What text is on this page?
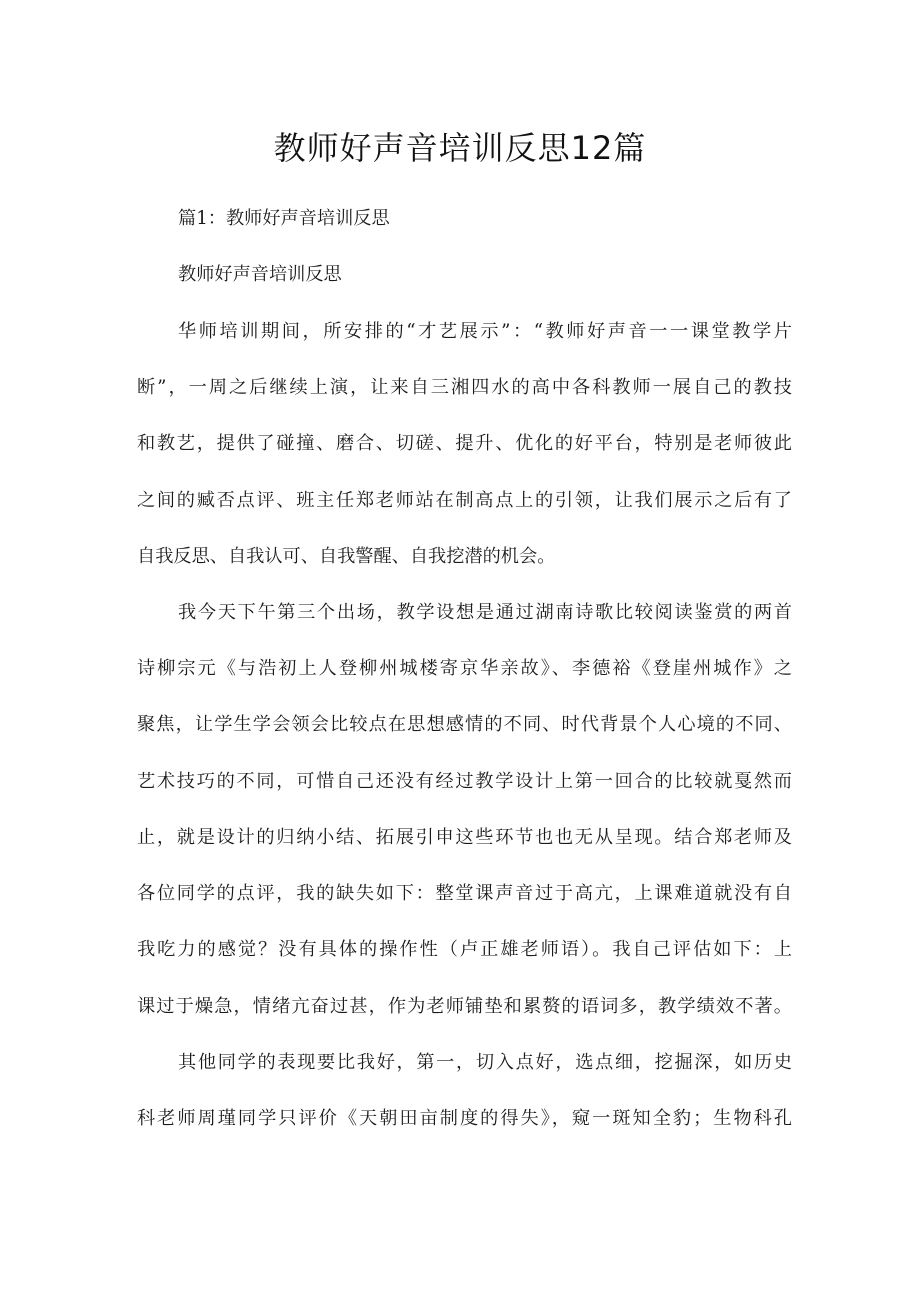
教师好声音培训反思12篇
篇1：教师好声音培训反思
教师好声音培训反思
华师培训期间，所安排的“才艺展示”：“教师好声音一一课堂教学片
断”，一周之后继续上演，让来自三湘四水的高中各科教师一展自己的教技
和教艺，提供了碰撞、磨合、切磋、提升、优化的好平台，特别是老师彼此
之间的臧否点评、班主任郑老师站在制高点上的引领，让我们展示之后有了
自我反思、自我认可、自我警醒、自我挖潜的机会。
我今天下午第三个出场，教学设想是通过湖南诗歌比较阅读鉴赏的两首
诗柳宗元《与浩初上人登柳州城楼寄京华亲故》、李德裕《登崖州城作》之
聚焦，让学生学会领会比较点在思想感情的不同、时代背景个人心境的不同、
艺术技巧的不同，可惜自己还没有经过教学设计上第一回合的比较就戛然而
止，就是设计的归纳小结、拓展引申这些环节也也无从呈现。结合郑老师及
各位同学的点评，我的缺失如下：整堂课声音过于高亢，上课难道就没有自
我吃力的感觉？没有具体的操作性（卢正雄老师语）。我自己评估如下：上
课过于燥急，情绪亢奋过甚，作为老师铺垫和累赘的语词多，教学绩效不著。
其他同学的表现要比我好，第一，切入点好，选点细，挖掘深，如历史
科老师周瑾同学只评价《天朝田亩制度的得失》，窥一斑知全豹；生物科孔
